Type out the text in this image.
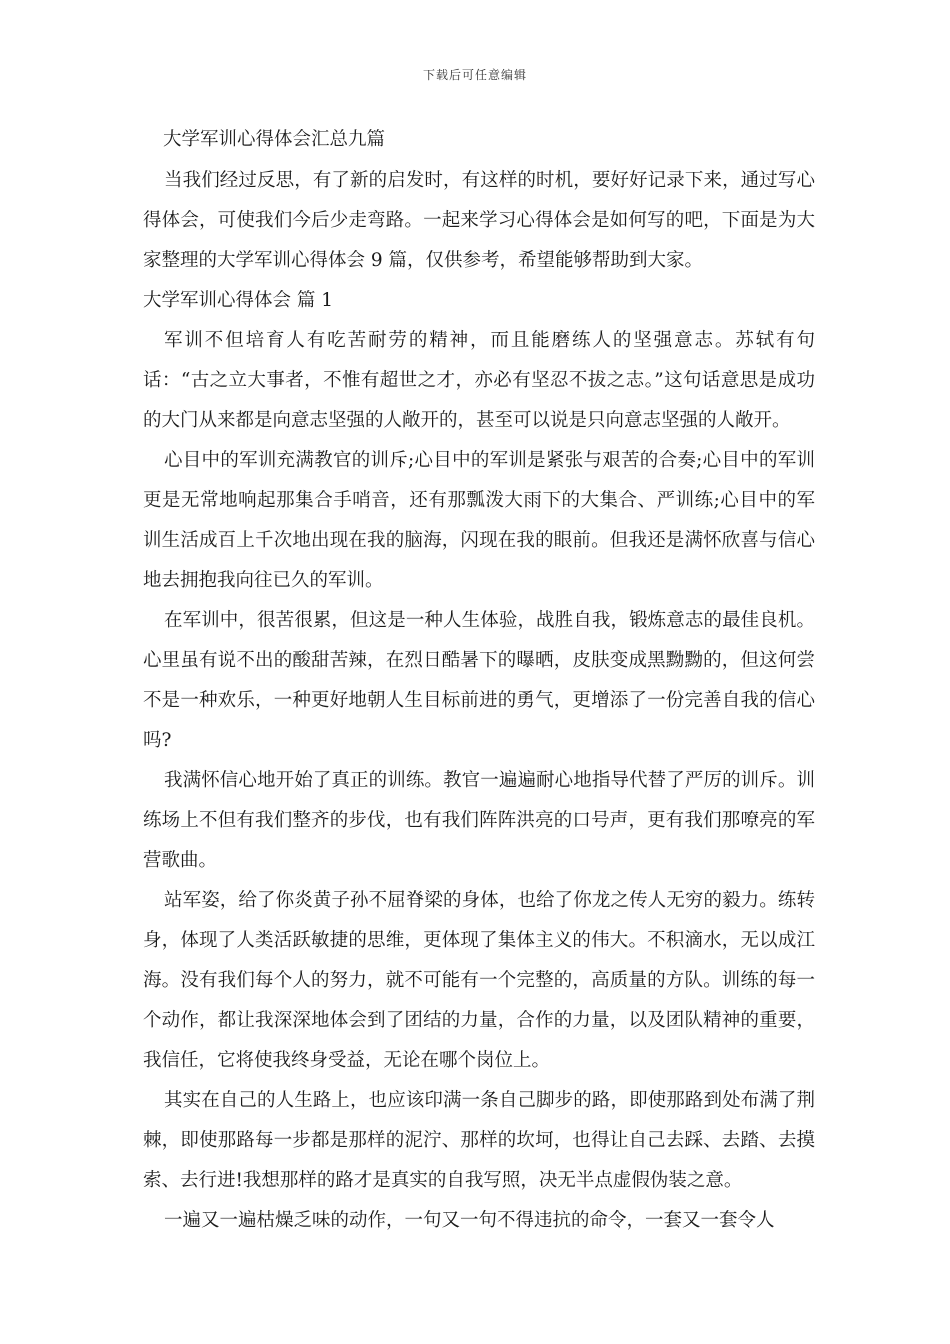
下载后可任意编辑
大学军训心得体会汇总九篇

当我们经过反思，有了新的启发时，有这样的时机，要好好记录下来，通过写心得体会，可使我们今后少走弯路。一起来学习心得体会是如何写的吧，下面是为大家整理的大学军训心得体会 9 篇，仅供参考，希望能够帮助到大家。

大学军训心得体会 篇 1

军训不但培育人有吃苦耐劳的精神，而且能磨练人的坚强意志。苏轼有句话：“古之立大事者，不惟有超世之才，亦必有坚忍不拔之志。”这句话意思是成功的大门从来都是向意志坚强的人敞开的，甚至可以说是只向意志坚强的人敞开。

心目中的军训充满教官的训斥;心目中的军训是紧张与艰苦的合奏;心目中的军训更是无常地响起那集合手哨音，还有那瓢泼大雨下的大集合、严训练;心目中的军训生活成百上千次地出现在我的脑海，闪现在我的眼前。但我还是满怀欣喜与信心地去拥抱我向往已久的军训。

在军训中，很苦很累，但这是一种人生体验，战胜自我，锻炼意志的最佳良机。心里虽有说不出的酸甜苦辣，在烈日酷暑下的曝晒，皮肤变成黑黝黝的，但这何尝不是一种欢乐，一种更好地朝人生目标前进的勇气，更增添了一份完善自我的信心吗?

我满怀信心地开始了真正的训练。教官一遍遍耐心地指导代替了严厉的训斥。训练场上不但有我们整齐的步伐，也有我们阵阵洪亮的口号声，更有我们那嘹亮的军营歌曲。

站军姿，给了你炎黄子孙不屈脊梁的身体，也给了你龙之传人无穷的毅力。练转身，体现了人类活跃敏捷的思维，更体现了集体主义的伟大。不积滴水，无以成江海。没有我们每个人的努力，就不可能有一个完整的，高质量的方队。训练的每一个动作，都让我深深地体会到了团结的力量，合作的力量，以及团队精神的重要，我信任，它将使我终身受益，无论在哪个岗位上。

其实在自己的人生路上，也应该印满一条自己脚步的路，即使那路到处布满了荆棘，即使那路每一步都是那样的泥泞、那样的坎坷，也得让自己去踩、去踏、去摸索、去行进!我想那样的路才是真实的自我写照，决无半点虚假伪装之意。

一遍又一遍枯燥乏味的动作，一句又一句不得违抗的命令，一套又一套令人
